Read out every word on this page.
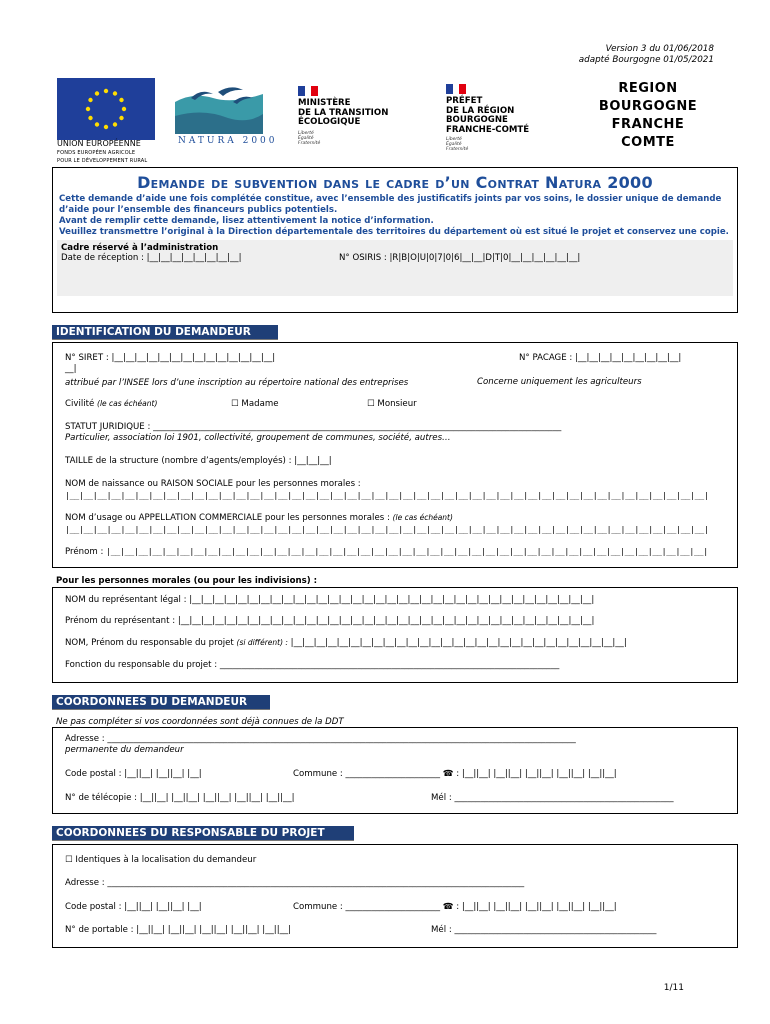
Version 3 du 01/06/2018
adapté Bourgogne 01/05/2021
UNION EUROPÉENNE
FONDS EUROPÉEN AGRICOLE
POUR LE DÉVELOPPEMENT RURAL
NATURA 2000
MINISTÈRE
DE LA TRANSITION
ÉCOLOGIQUE
Liberté
Égalité
Fraternité
PRÉFET
DE LA RÉGION
BOURGOGNE
FRANCHE-COMTÉ
Liberté
Égalité
Fraternité
REGION
BOURGOGNE
FRANCHE
COMTE
Demande de subvention dans le cadre d’un Contrat Natura 2000
Cette demande d’aide une fois complétée constitue, avec l’ensemble des justificatifs joints par vos soins, le dossier unique de demande d’aide pour l’ensemble des financeurs publics potentiels.
Avant de remplir cette demande, lisez attentivement la notice d’information.
Veuillez transmettre l’original à la Direction départementale des territoires du département où est situé le projet et conservez une copie.
Cadre réservé à l’administration
Date de réception : |__|__|__|__|__|__|__|__|	N° OSIRIS : |R|B|O|U|0|7|0|6|__|__|D|T|0|__|__|__|__|__|__|
IDENTIFICATION DU DEMANDEUR
N° SIRET : |__|__|__|__|__|__|__|__|__|__|__|__|__|__|	N° PACAGE : |__|__|__|__|__|__|__|__|__|
__|
attribué par l’INSEE lors d’une inscription au répertoire national des entreprises	Concerne uniquement les agriculteurs
Civilité (le cas échéant)	☐ Madame	☐ Monsieur
STATUT JURIDIQUE : _______________________________________________________________________________________________
Particulier, association loi 1901, collectivité, groupement de communes, société, autres…
TAILLE de la structure (nombre d’agents/employés) : |__|__|__|
NOM de naissance ou RAISON SOCIALE pour les personnes morales :
|__|__|__|__|__|__|__|__|__|__|__|__|__|__|__|__|__|__|__|__|__|__|__|__|__|__|__|__|__|__|__|__|__|__|__|__|__|__|__|__|__|__|__|__|__|__|
NOM d’usage ou APPELLATION COMMERCIALE pour les personnes morales : (le cas échéant)
|__|__|__|__|__|__|__|__|__|__|__|__|__|__|__|__|__|__|__|__|__|__|__|__|__|__|__|__|__|__|__|__|__|__|__|__|__|__|__|__|__|__|__|__|__|__|
Prénom : |__|__|__|__|__|__|__|__|__|__|__|__|__|__|__|__|__|__|__|__|__|__|__|__|__|__|__|__|__|__|__|__|__|__|__|__|__|__|__|__|__|__|__|
Pour les personnes morales (ou pour les indivisions) :
NOM du représentant légal : |__|__|__|__|__|__|__|__|__|__|__|__|__|__|__|__|__|__|__|__|__|__|__|__|__|__|__|__|__|__|__|__|__|__|__|
Prénom du représentant : |__|__|__|__|__|__|__|__|__|__|__|__|__|__|__|__|__|__|__|__|__|__|__|__|__|__|__|__|__|__|__|__|__|__|__|__|
NOM, Prénom du responsable du projet (si différent) : |__|__|__|__|__|__|__|__|__|__|__|__|__|__|__|__|__|__|__|__|__|__|__|__|__|__|__|__|__|
Fonction du responsable du projet : _______________________________________________________________________________
COORDONNEES DU DEMANDEUR
Ne pas compléter si vos coordonnées sont déjà connues de la DDT
Adresse : _____________________________________________________________________________________________________________
permanente du demandeur
Code postal : |__||__| |__||__| |__|	Commune : ______________________ ☎ : |__||__| |__||__| |__||__| |__||__| |__||__|
N° de télécopie : |__||__| |__||__| |__||__| |__||__| |__||__|	Mél : ___________________________________________________
COORDONNEES DU RESPONSABLE DU PROJET
☐ Identiques à la localisation du demandeur
Adresse : _________________________________________________________________________________________________
Code postal : |__||__| |__||__| |__|	Commune : ______________________ ☎ : |__||__| |__||__| |__||__| |__||__| |__||__|
N° de portable : |__||__| |__||__| |__||__| |__||__| |__||__|	Mél : _______________________________________________
1/11
